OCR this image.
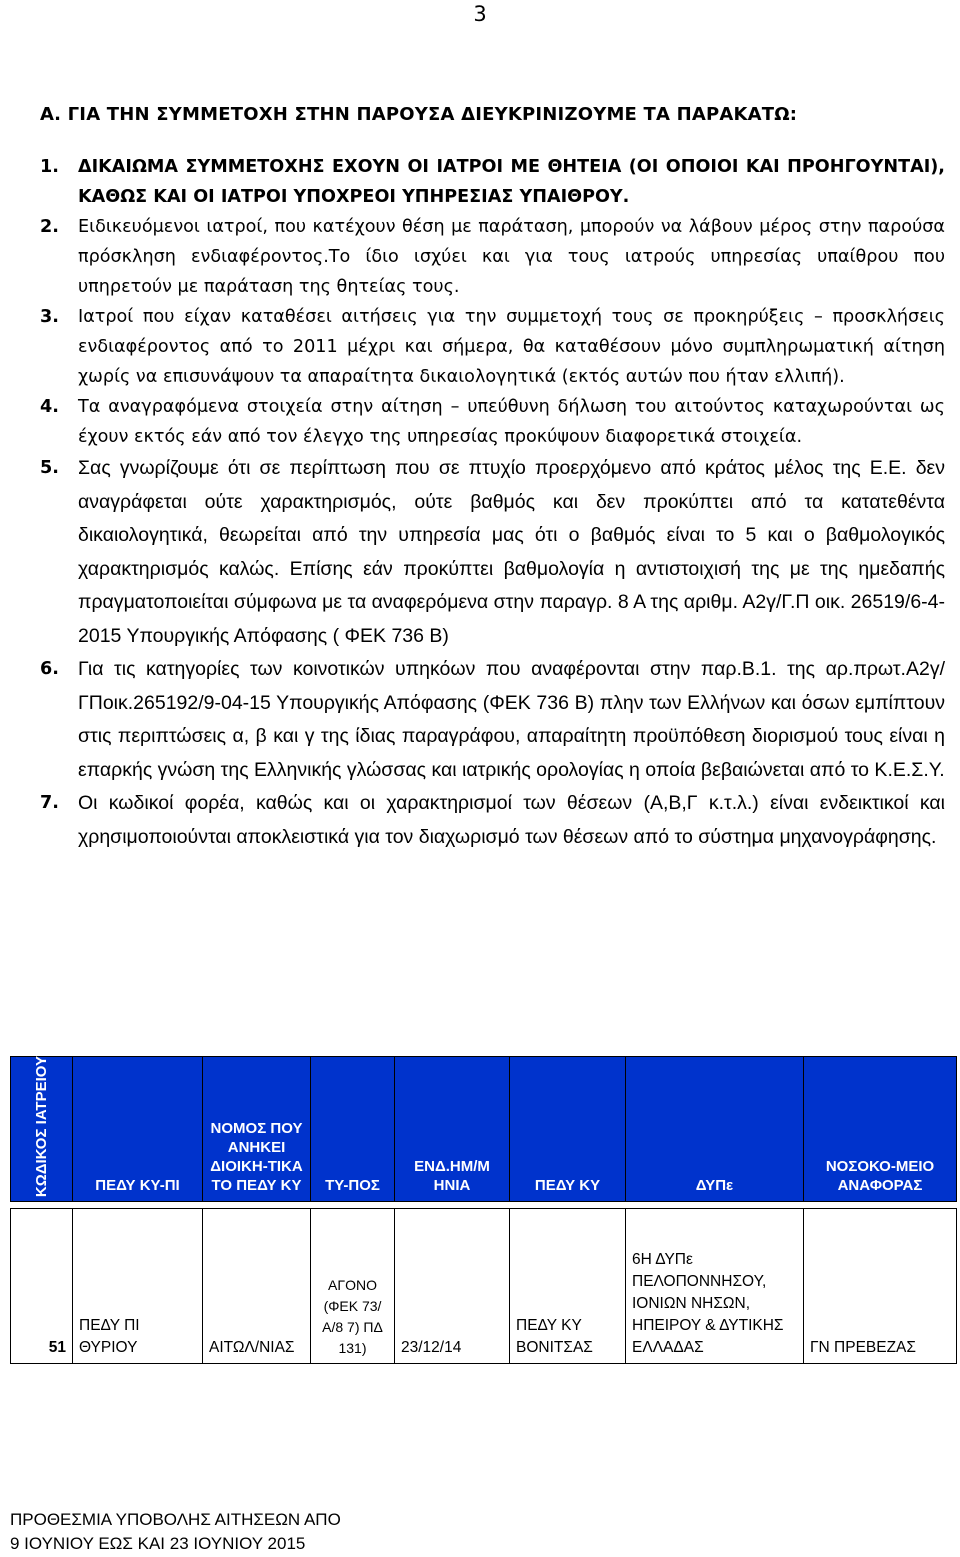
3
Α. ΓΙΑ ΤΗΝ ΣΥΜΜΕΤΟΧΗ ΣΤΗΝ ΠΑΡΟΥΣΑ ΔΙΕΥΚΡΙΝΙΖΟΥΜΕ ΤΑ ΠΑΡΑΚΑΤΩ:
1.	ΔΙΚΑΙΩΜΑ ΣΥΜΜΕΤΟΧΗΣ ΕΧΟΥΝ ΟΙ ΙΑΤΡΟΙ ΜΕ ΘΗΤΕΙΑ (ΟΙ ΟΠΟΙΟΙ ΚΑΙ ΠΡΟΗΓΟΥΝΤΑΙ), ΚΑΘΩΣ ΚΑΙ ΟΙ ΙΑΤΡΟΙ ΥΠΟΧΡΕΟΙ ΥΠΗΡΕΣΙΑΣ ΥΠΑΙΘΡΟΥ.
2.	Ειδικευόμενοι ιατροί, που κατέχουν θέση με παράταση, μπορούν να λάβουν μέρος στην παρούσα πρόσκληση ενδιαφέροντος.Το ίδιο ισχύει και για τους ιατρούς υπηρεσίας υπαίθρου που υπηρετούν με παράταση της θητείας τους.
3.	Ιατροί που είχαν καταθέσει αιτήσεις για την συμμετοχή τους σε προκηρύξεις – προσκλήσεις ενδιαφέροντος από το 2011 μέχρι και σήμερα, θα καταθέσουν μόνο συμπληρωματική αίτηση χωρίς να επισυνάψουν τα απαραίτητα δικαιολογητικά (εκτός αυτών που ήταν ελλιπή).
4.	Τα αναγραφόμενα στοιχεία στην αίτηση – υπεύθυνη δήλωση του αιτούντος καταχωρούνται ως έχουν εκτός εάν από τον έλεγχο της υπηρεσίας προκύψουν διαφορετικά στοιχεία.
5. Σας γνωρίζουμε ότι σε περίπτωση που σε πτυχίο προερχόμενο από κράτος μέλος της Ε.Ε. δεν αναγράφεται ούτε χαρακτηρισμός, ούτε βαθμός και δεν προκύπτει από τα κατατεθέντα δικαιολογητικά, θεωρείται από την υπηρεσία μας ότι ο βαθμός είναι το 5 και ο βαθμολογικός χαρακτηρισμός καλώς. Επίσης εάν προκύπτει βαθμολογία η αντιστοιχισή της με της ημεδαπής πραγματοποιείται σύμφωνα με τα αναφερόμενα στην παραγρ. 8 Α της αριθμ. Α2γ/Γ.Π οικ. 26519/6-4-2015 Υπουργικής Απόφασης ( ΦΕΚ 736 Β)
6. Για τις κατηγορίες των κοινοτικών υπηκόων που αναφέρονται στην παρ.Β.1. της αρ.πρωτ.Α2γ/ΓΠοικ.265192/9-04-15 Υπουργικής Απόφασης (ΦΕΚ 736 Β) πλην των Ελλήνων και όσων εμπίπτουν στις περιπτώσεις α, β και γ της ίδιας παραγράφου, απαραίτητη προϋπόθεση διορισμού τους είναι η επαρκής γνώση της Ελληνικής γλώσσας και ιατρικής ορολογίας η οποία βεβαιώνεται από το Κ.Ε.Σ.Υ.
7. Οι κωδικοί φορέα, καθώς και οι χαρακτηρισμοί των θέσεων (Α,Β,Γ κ.τ.λ.) είναι ενδεικτικοί και χρησιμοποιούνται αποκλειστικά για τον διαχωρισμό των θέσεων από το σύστημα μηχανογράφησης.
ΚΩΔΙΚΟΣ ΙΑΤΡΕΙΟΥ	ΠΕΔΥ ΚΥ-ΠΙ	ΝΟΜΟΣ ΠΟΥ ΑΝΗΚΕΙ ΔΙΟΙΚΗ-ΤΙΚΑ ΤΟ ΠΕΔΥ ΚΥ	ΤΥ-ΠΟΣ	ΕΝΔ.ΗΜ/Μ ΗΝΙΑ	ΠΕΔΥ ΚΥ	ΔΥΠε	ΝΟΣΟΚΟ-ΜΕΙΟ ΑΝΑΦΟΡΑΣ

51	ΠΕΔΥ ΠΙ ΘΥΡΙΟΥ	ΑΙΤΩΛ/ΝΙΑΣ	ΑΓΟΝΟ (ΦΕΚ 73/Α/8 7) ΠΔ 131)	23/12/14	ΠΕΔΥ ΚΥ ΒΟΝΙΤΣΑΣ	6Η ΔΥΠε ΠΕΛΟΠΟΝΝΗΣΟΥ, ΙΟΝΙΩΝ ΝΗΣΩΝ, ΗΠΕΙΡΟΥ & ΔΥΤΙΚΗΣ ΕΛΛΑΔΑΣ	ΓΝ ΠΡΕΒΕΖΑΣ
ΠΡΟΘΕΣΜΙΑ ΥΠΟΒΟΛΗΣ ΑΙΤΗΣΕΩΝ ΑΠΟ
9 ΙΟΥΝΙΟΥ ΕΩΣ ΚΑΙ 23 ΙΟΥΝΙΟΥ 2015
